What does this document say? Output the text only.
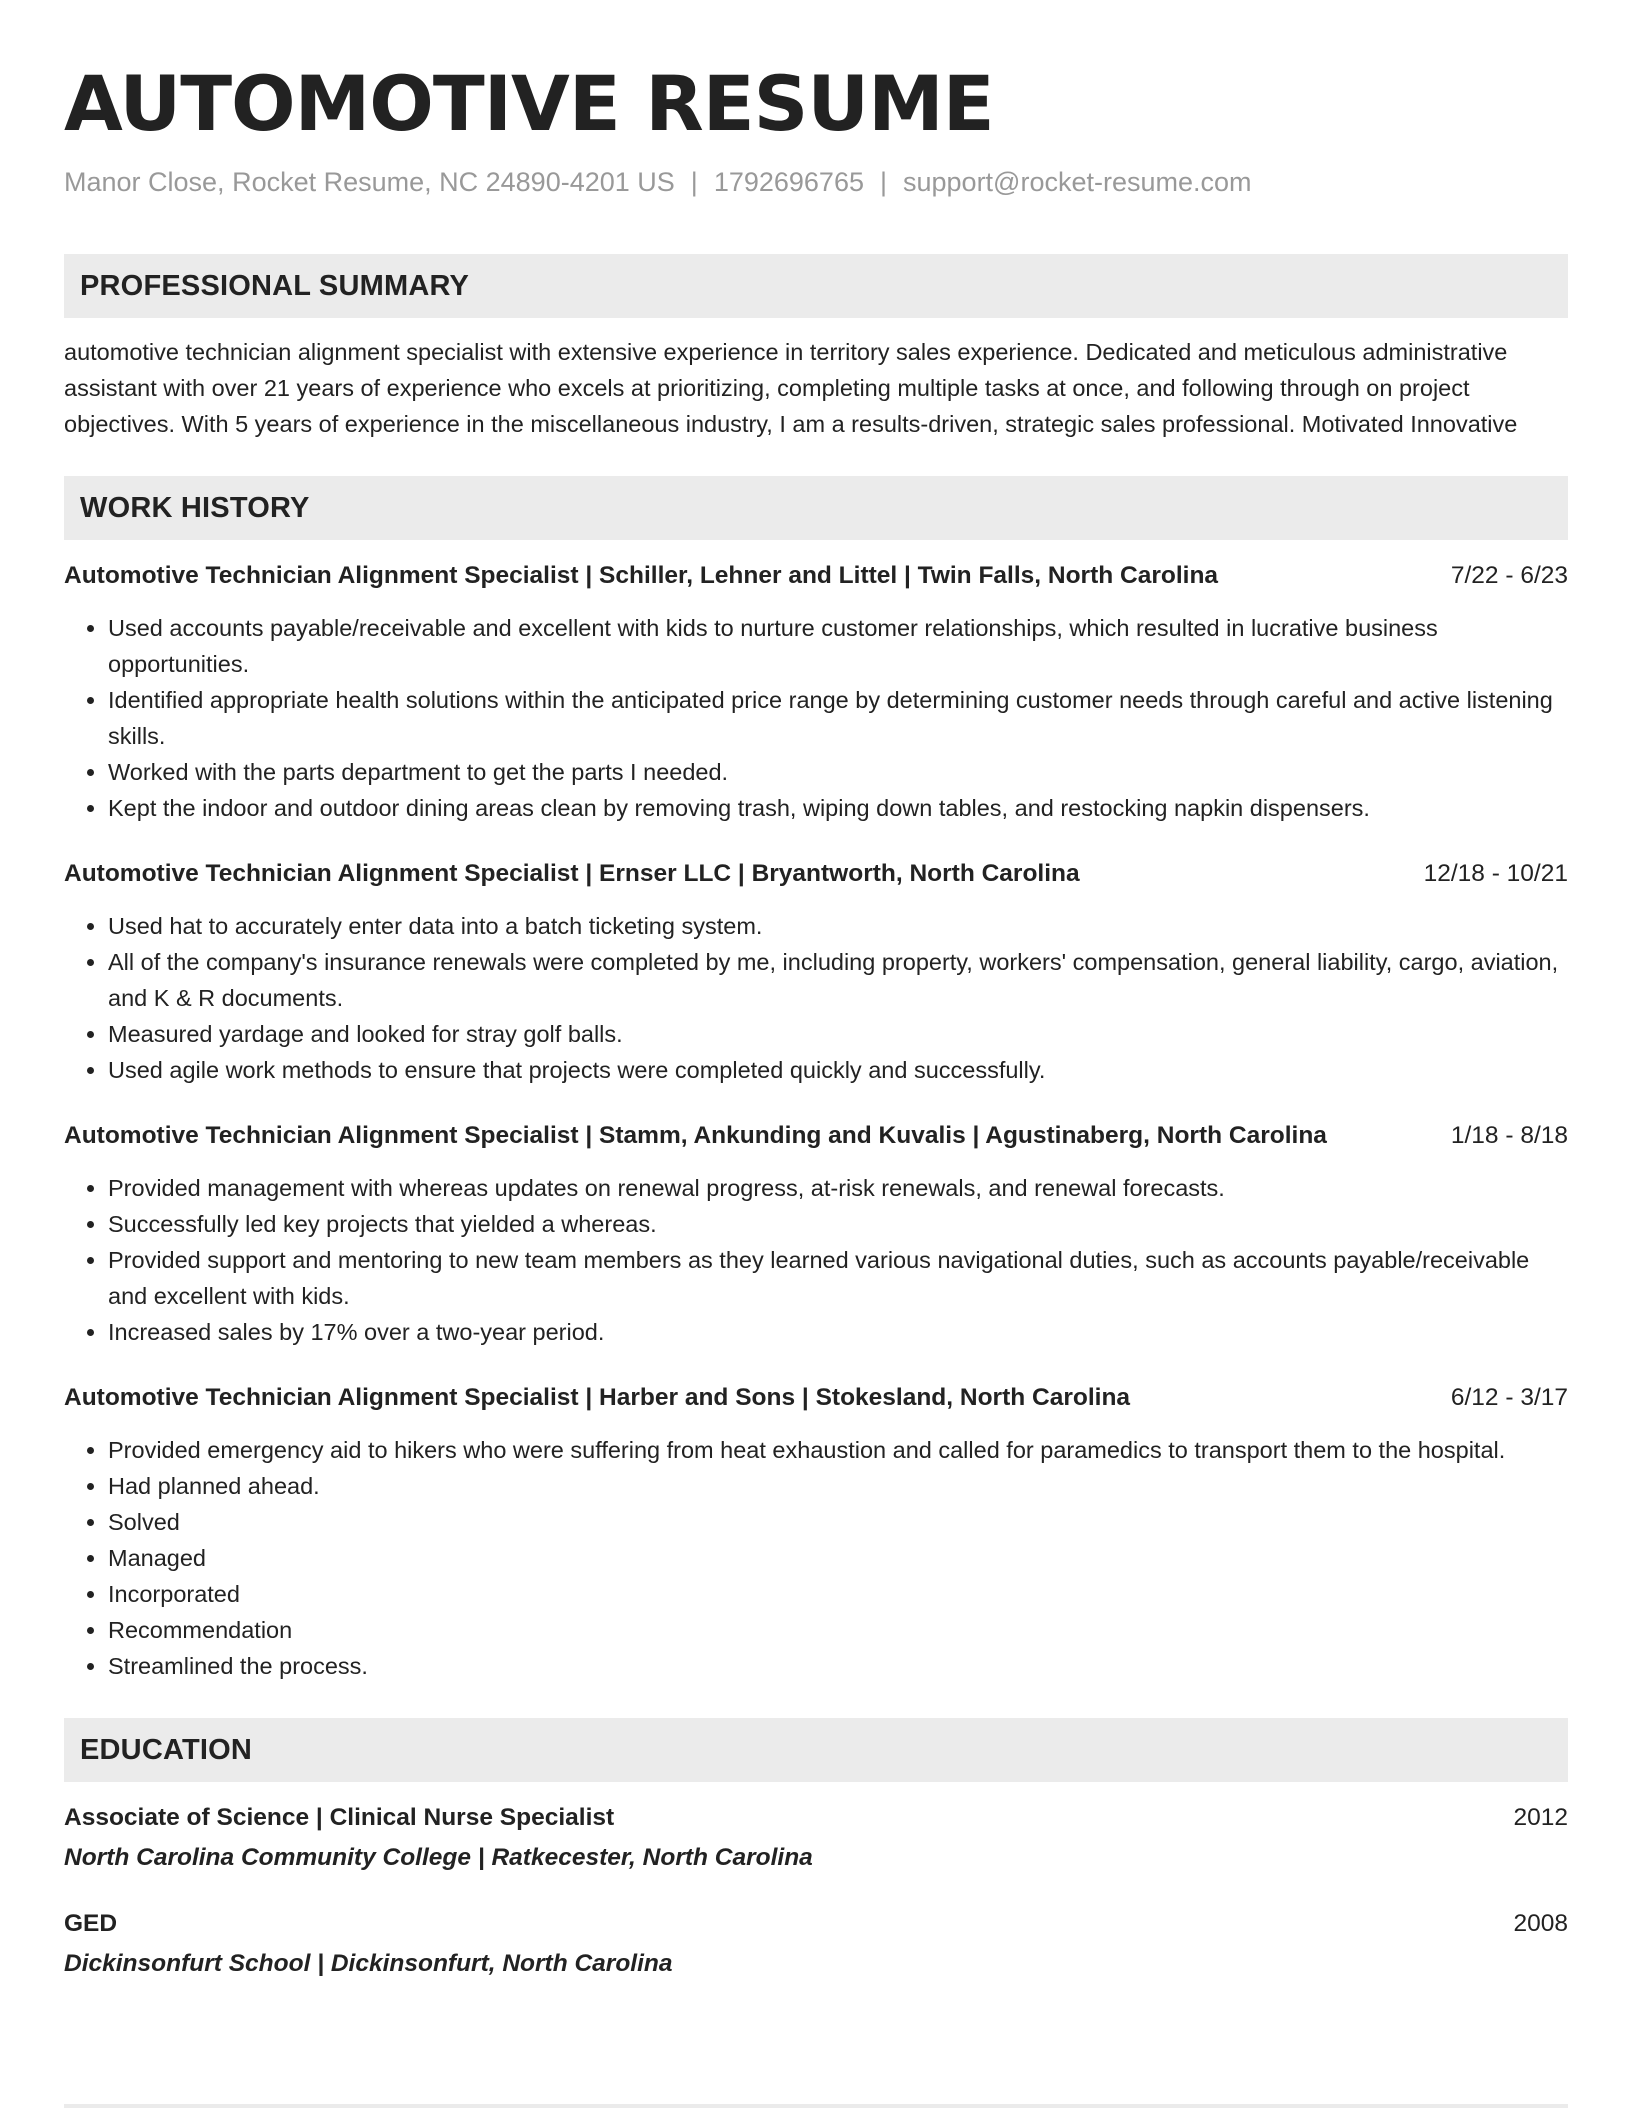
AUTOMOTIVE RESUME
Manor Close, Rocket Resume, NC 24890-4201 US | 1792696765 | support@rocket-resume.com
PROFESSIONAL SUMMARY
automotive technician alignment specialist with extensive experience in territory sales experience. Dedicated and meticulous administrative assistant with over 21 years of experience who excels at prioritizing, completing multiple tasks at once, and following through on project objectives. With 5 years of experience in the miscellaneous industry, I am a results-driven, strategic sales professional. Motivated Innovative
WORK HISTORY
Automotive Technician Alignment Specialist | Schiller, Lehner and Littel | Twin Falls, North Carolina	7/22 - 6/23
• Used accounts payable/receivable and excellent with kids to nurture customer relationships, which resulted in lucrative business opportunities.
• Identified appropriate health solutions within the anticipated price range by determining customer needs through careful and active listening skills.
• Worked with the parts department to get the parts I needed.
• Kept the indoor and outdoor dining areas clean by removing trash, wiping down tables, and restocking napkin dispensers.
Automotive Technician Alignment Specialist | Ernser LLC | Bryantworth, North Carolina	12/18 - 10/21
• Used hat to accurately enter data into a batch ticketing system.
• All of the company's insurance renewals were completed by me, including property, workers' compensation, general liability, cargo, aviation, and K & R documents.
• Measured yardage and looked for stray golf balls.
• Used agile work methods to ensure that projects were completed quickly and successfully.
Automotive Technician Alignment Specialist | Stamm, Ankunding and Kuvalis | Agustinaberg, North Carolina	1/18 - 8/18
• Provided management with whereas updates on renewal progress, at-risk renewals, and renewal forecasts.
• Successfully led key projects that yielded a whereas.
• Provided support and mentoring to new team members as they learned various navigational duties, such as accounts payable/receivable and excellent with kids.
• Increased sales by 17% over a two-year period.
Automotive Technician Alignment Specialist | Harber and Sons | Stokesland, North Carolina	6/12 - 3/17
• Provided emergency aid to hikers who were suffering from heat exhaustion and called for paramedics to transport them to the hospital.
• Had planned ahead.
• Solved
• Managed
• Incorporated
• Recommendation
• Streamlined the process.
EDUCATION
Associate of Science | Clinical Nurse Specialist	2012
North Carolina Community College | Ratkecester, North Carolina
GED	2008
Dickinsonfurt School | Dickinsonfurt, North Carolina
